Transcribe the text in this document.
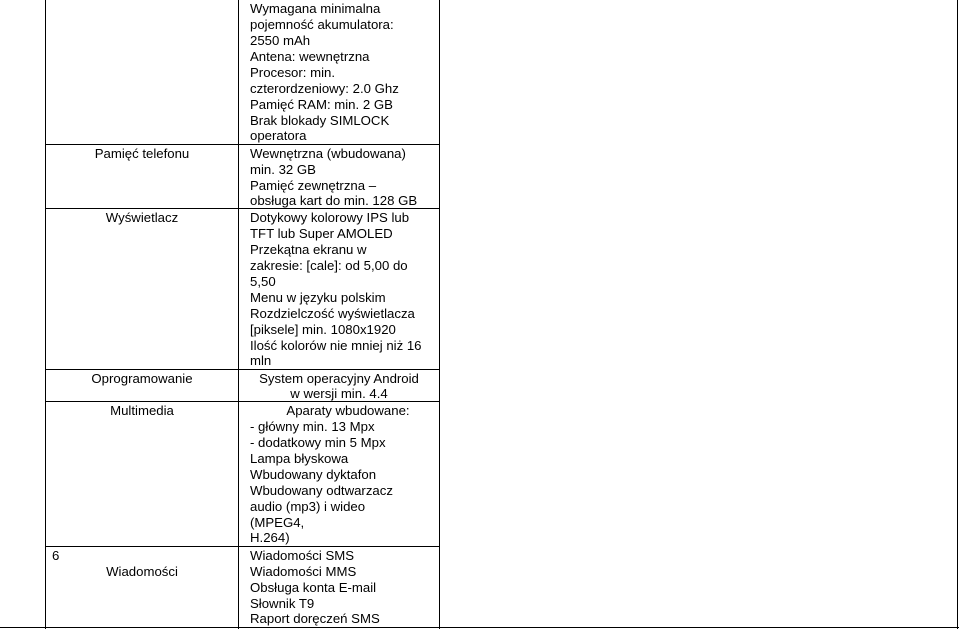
6
Pamięć telefonu
Wyświetlacz
Oprogramowanie
Multimedia
Wiadomości
Wymagana minimalna
pojemność akumulatora:
2550 mAh
Antena: wewnętrzna
Procesor: min.
czterordzeniowy: 2.0 Ghz
Pamięć RAM: min. 2 GB
Brak blokady SIMLOCK
operatora
Wewnętrzna (wbudowana)
min. 32 GB
Pamięć zewnętrzna –
obsługa kart do min. 128 GB
Dotykowy kolorowy IPS lub
TFT lub Super AMOLED
Przekątna ekranu w
zakresie: [cale]: od 5,00 do
5,50
Menu w języku polskim
Rozdzielczość wyświetlacza
[piksele] min. 1080x1920
Ilość kolorów nie mniej niż 16
mln
System operacyjny Android
w wersji min. 4.4
Aparaty wbudowane:
- główny min. 13 Mpx
- dodatkowy min 5 Mpx
Lampa błyskowa
Wbudowany dyktafon
Wbudowany odtwarzacz
audio (mp3) i wideo
(MPEG4,
H.264)
Wiadomości SMS
Wiadomości MMS
Obsługa konta E-mail
Słownik T9
Raport doręczeń SMS
